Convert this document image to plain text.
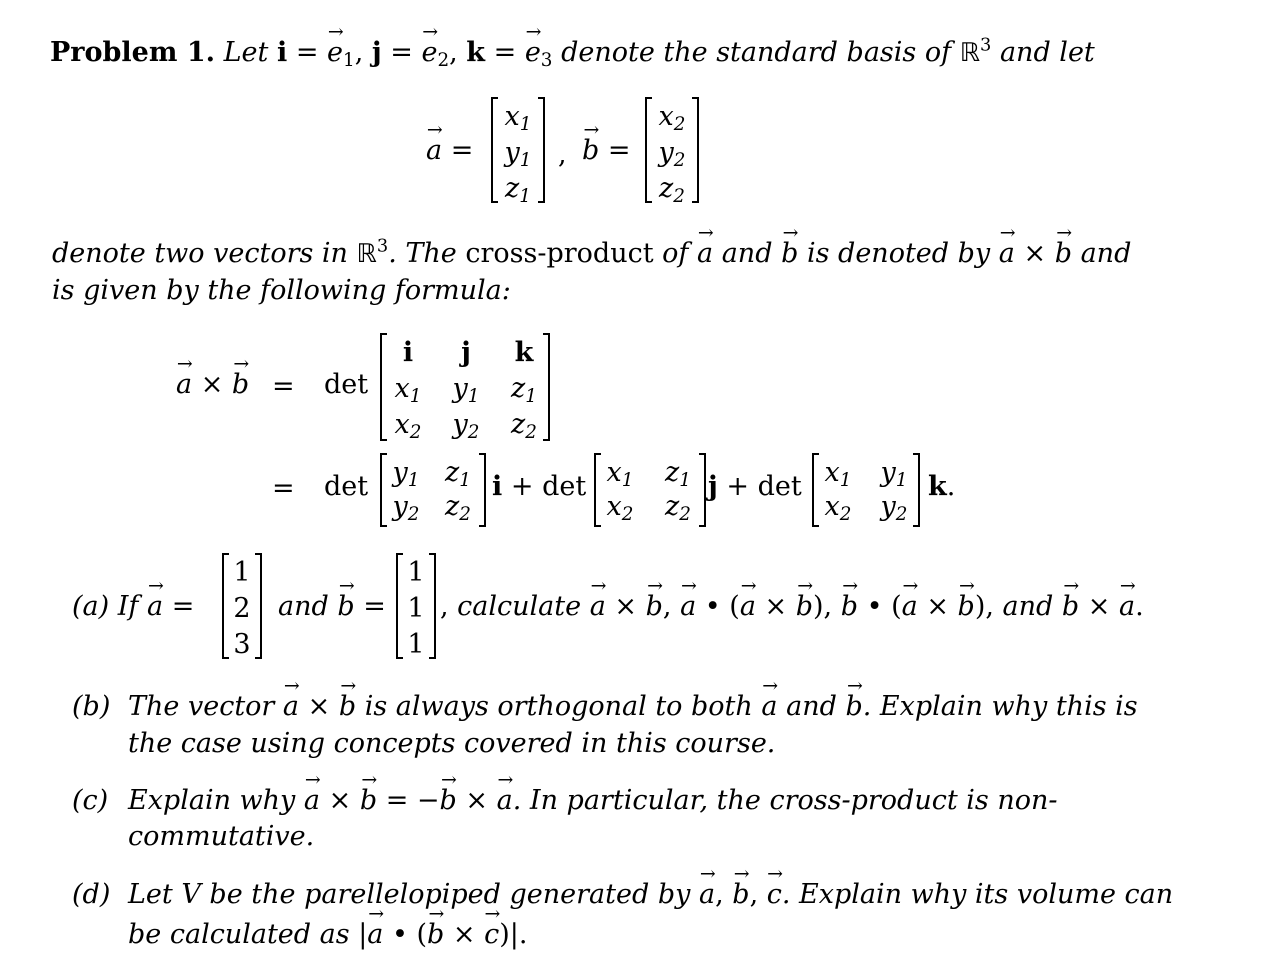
Problem 1. Let i = → $e_1$, j = → $e_2$, k = → $e_3$ denote the standard basis of ℝ$^3$ and let
→ a =
$x_1$
$y_1$
$z_1$
, → b =
$x_2$
$y_2$
$z_2$
denote two vectors in ℝ$^3$. The cross-product of → a and → b is denoted by → a × → b and
is given by the following formula:
→ a × → b = det
i	j	k
$x_1$ $y_1$ $z_1$
$x_2$ $y_2$ $z_2$
= $\det y_1$ $z_1$
$y_2$ $z_2$
$i + \det x_1$ $z_1$
$x_2$ $z_2$
$j + \det x_1$ $y_1$
$x_2$ $y_2$
k.
(a) If → a =
1
2
3
and → b =
1
1
1
, calculate → a × → b, → a • (→ a × → b), → b • (→ a × → b), and → b × → a.
(b) The vector → a × → b is always orthogonal to both → a and → b. Explain why this is
the case using concepts covered in this course.
(c) Explain why → a × → b = −→ b × → a. In particular, the cross-product is non-
commutative.
(d) Let V be the parellelopiped generated by → a, → b, → c. Explain why its volume can
be calculated as |→ a • (→ b × → c)|.
